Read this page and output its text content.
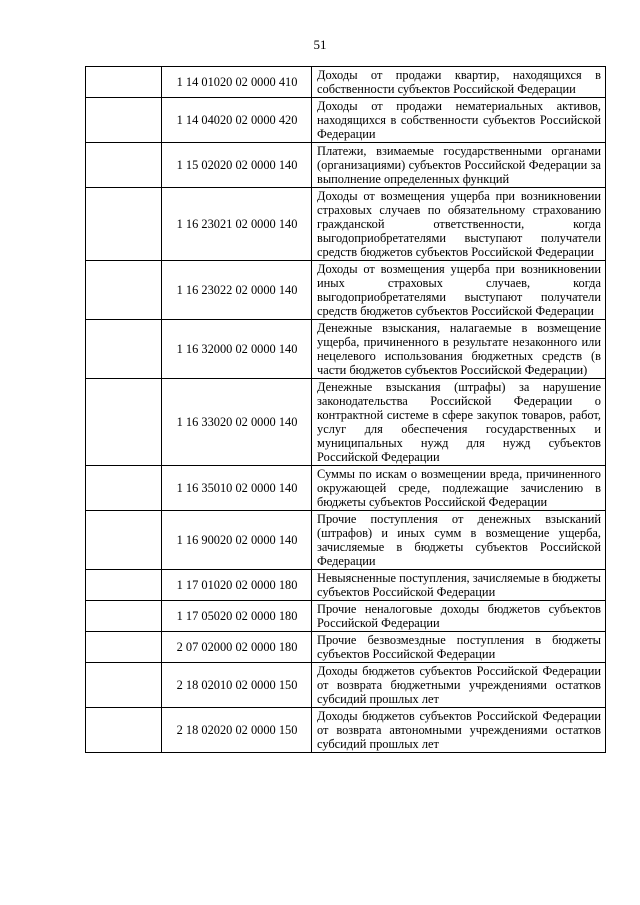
51
	1 14 01020 02 0000 410	Доходы от продажи квартир, находящихся в собственности субъектов Российской Федерации
	1 14 04020 02 0000 420	Доходы от продажи нематериальных активов, находящихся в собственности субъектов Российской Федерации
	1 15 02020 02 0000 140	Платежи, взимаемые государственными органами (организациями) субъектов Российской Федерации за выполнение определенных функций
	1 16 23021 02 0000 140	Доходы от возмещения ущерба при возникновении страховых случаев по обязательному страхованию гражданской ответственности, когда выгодоприобретателями выступают получатели средств бюджетов субъектов Российской Федерации
	1 16 23022 02 0000 140	Доходы от возмещения ущерба при возникновении иных страховых случаев, когда выгодоприобретателями выступают получатели средств бюджетов субъектов Российской Федерации
	1 16 32000 02 0000 140	Денежные взыскания, налагаемые в возмещение ущерба, причиненного в результате незаконного или нецелевого использования бюджетных средств (в части бюджетов субъектов Российской Федерации)
	1 16 33020 02 0000 140	Денежные взыскания (штрафы) за нарушение законодательства Российской Федерации о контрактной системе в сфере закупок товаров, работ, услуг для обеспечения государственных и муниципальных нужд для нужд субъектов Российской Федерации
	1 16 35010 02 0000 140	Суммы по искам о возмещении вреда, причиненного окружающей среде, подлежащие зачислению в бюджеты субъектов Российской Федерации
	1 16 90020 02 0000 140	Прочие поступления от денежных взысканий (штрафов) и иных сумм в возмещение ущерба, зачисляемые в бюджеты субъектов Российской Федерации
	1 17 01020 02 0000 180	Невыясненные поступления, зачисляемые в бюджеты субъектов Российской Федерации
	1 17 05020 02 0000 180	Прочие неналоговые доходы бюджетов субъектов Российской Федерации
	2 07 02000 02 0000 180	Прочие безвозмездные поступления в бюджеты субъектов Российской Федерации
	2 18 02010 02 0000 150	Доходы бюджетов субъектов Российской Федерации от возврата бюджетными учреждениями остатков субсидий прошлых лет
	2 18 02020 02 0000 150	Доходы бюджетов субъектов Российской Федерации от возврата автономными учреждениями остатков субсидий прошлых лет
